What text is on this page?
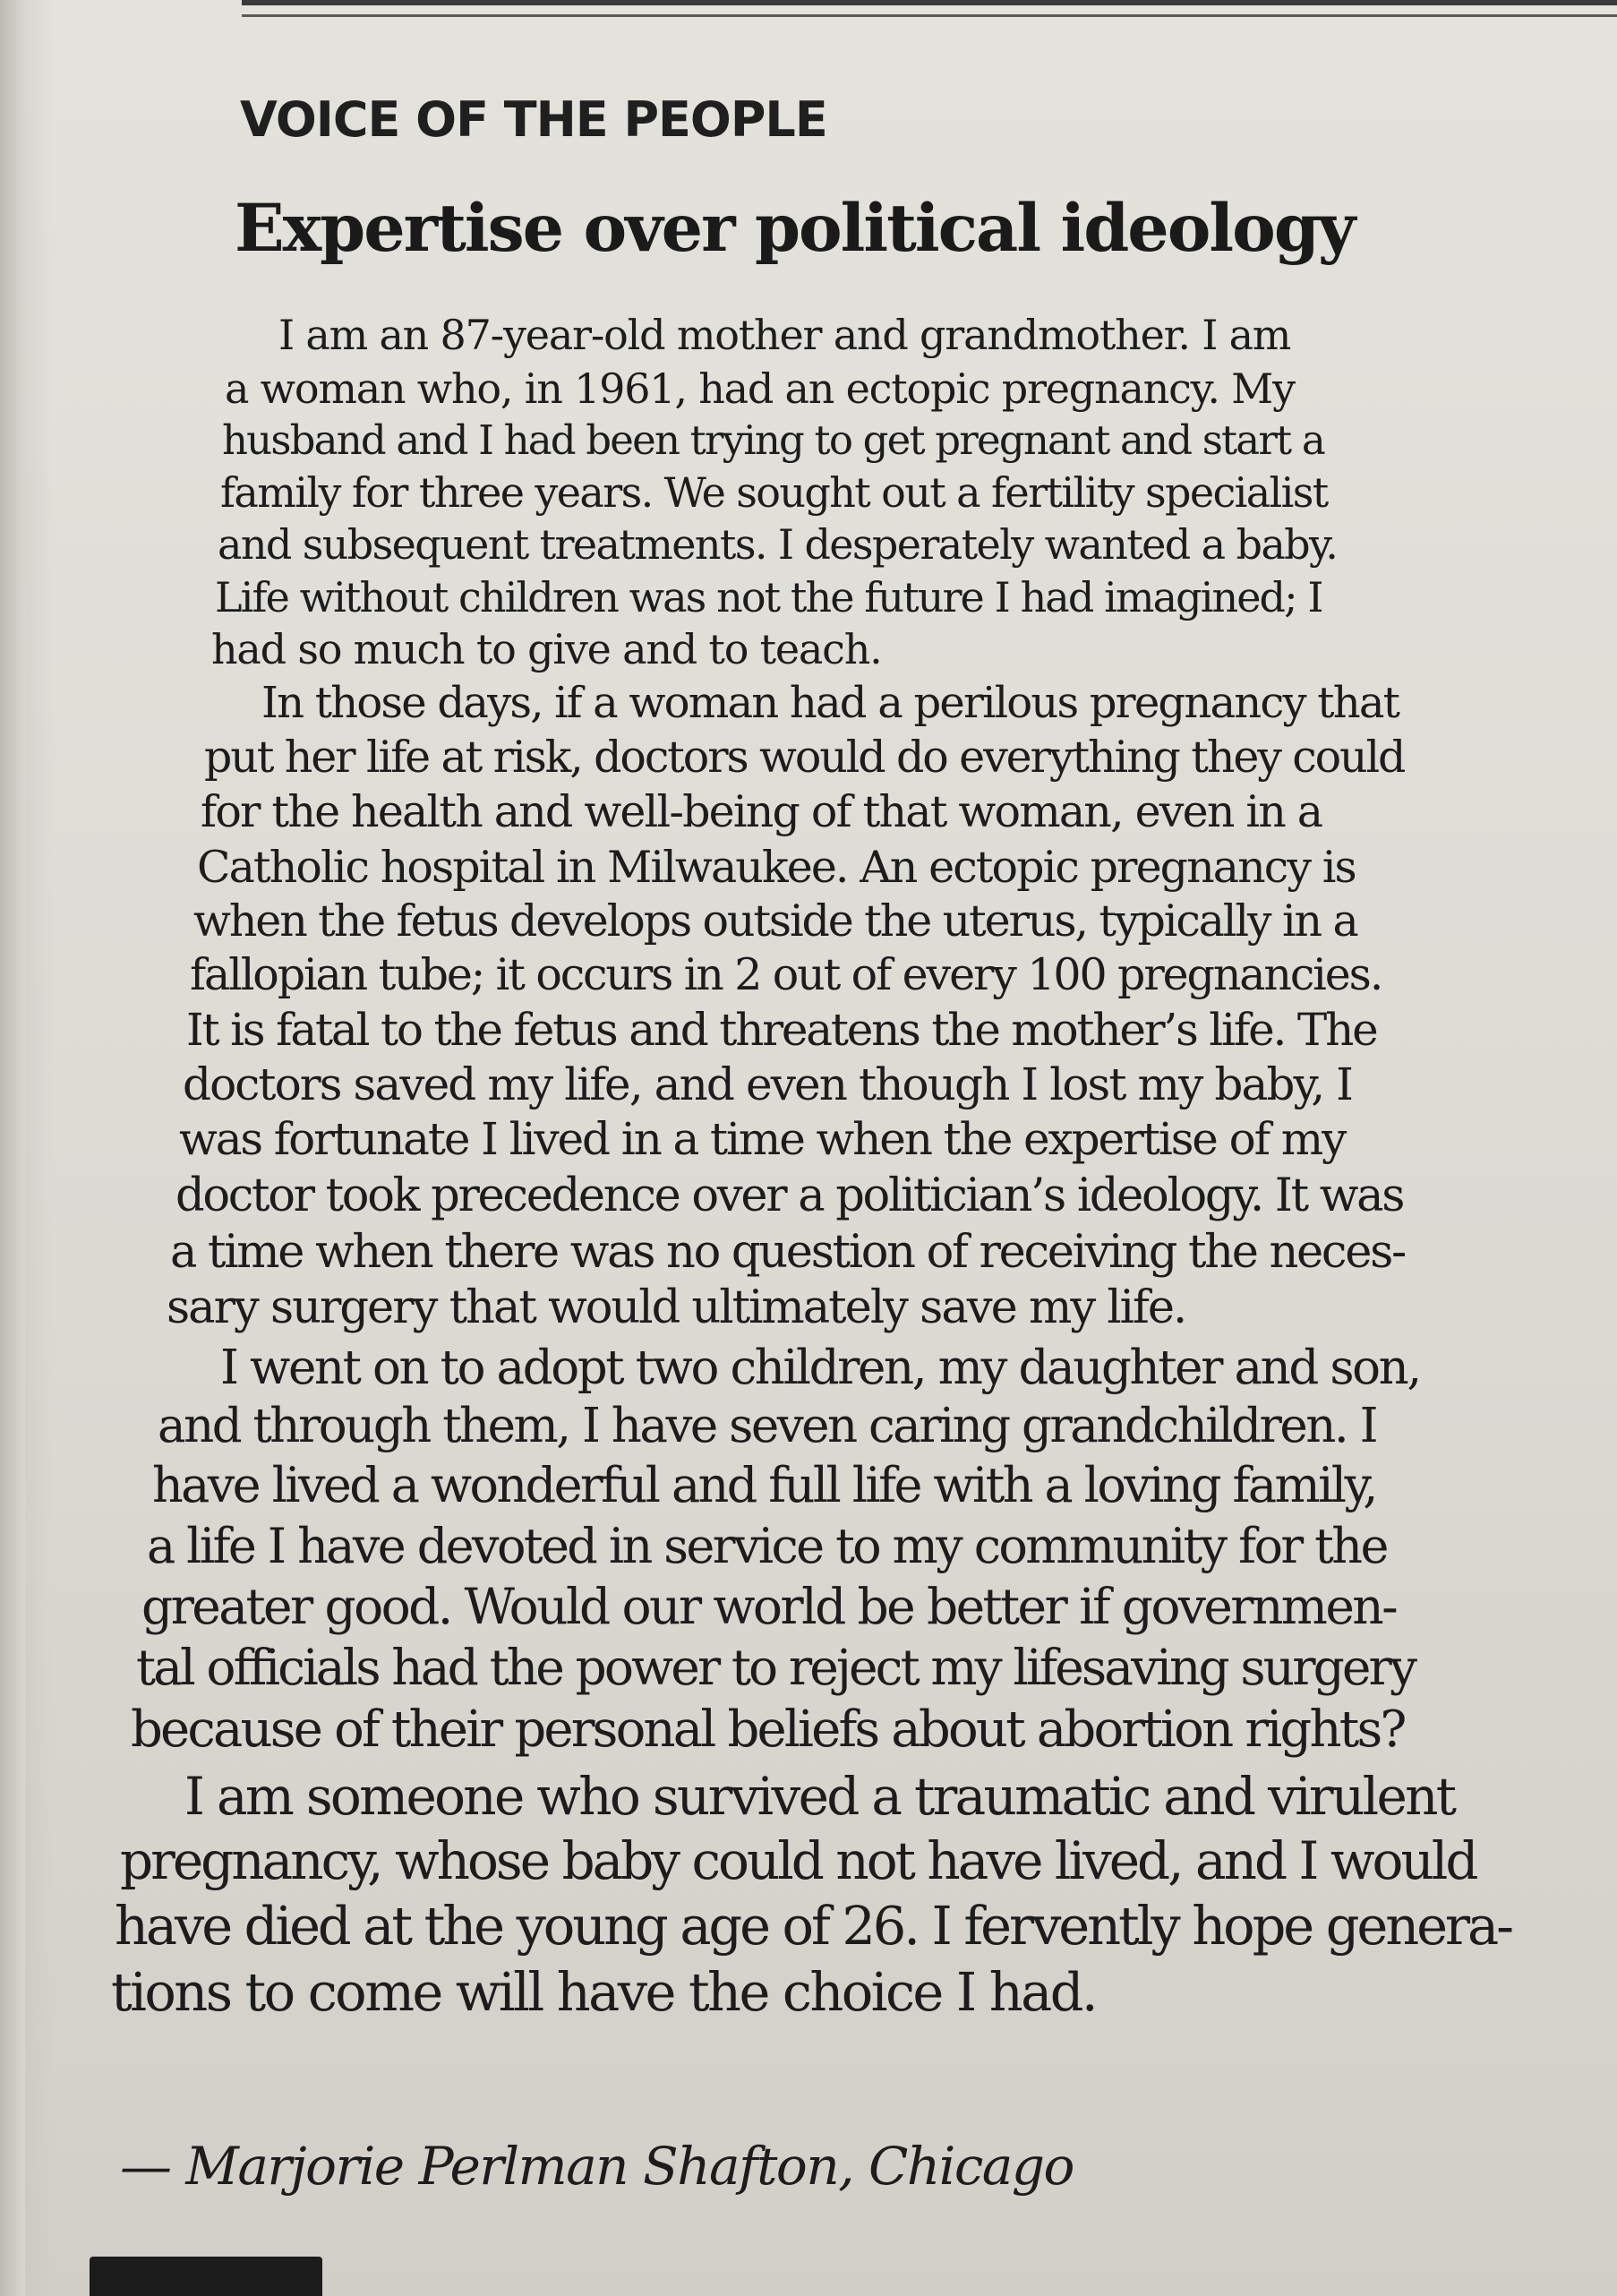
VOICE OF THE PEOPLE
Expertise over political ideology
I am an 87-year-old mother and grandmother. I am
a woman who, in 1961, had an ectopic pregnancy. My
husband and I had been trying to get pregnant and start a
family for three years. We sought out a fertility specialist
and subsequent treatments. I desperately wanted a baby.
Life without children was not the future I had imagined; I
had so much to give and to teach.
In those days, if a woman had a perilous pregnancy that
put her life at risk, doctors would do everything they could
for the health and well-being of that woman, even in a
Catholic hospital in Milwaukee. An ectopic pregnancy is
when the fetus develops outside the uterus, typically in a
fallopian tube; it occurs in 2 out of every 100 pregnancies.
It is fatal to the fetus and threatens the mother’s life. The
doctors saved my life, and even though I lost my baby, I
was fortunate I lived in a time when the expertise of my
doctor took precedence over a politician’s ideology. It was
a time when there was no question of receiving the neces-
sary surgery that would ultimately save my life.
I went on to adopt two children, my daughter and son,
and through them, I have seven caring grandchildren. I
have lived a wonderful and full life with a loving family,
a life I have devoted in service to my community for the
greater good. Would our world be better if governmen-
tal officials had the power to reject my lifesaving surgery
because of their personal beliefs about abortion rights?
I am someone who survived a traumatic and virulent
pregnancy, whose baby could not have lived, and I would
have died at the young age of 26. I fervently hope genera-
tions to come will have the choice I had.
— Marjorie Perlman Shafton, Chicago
